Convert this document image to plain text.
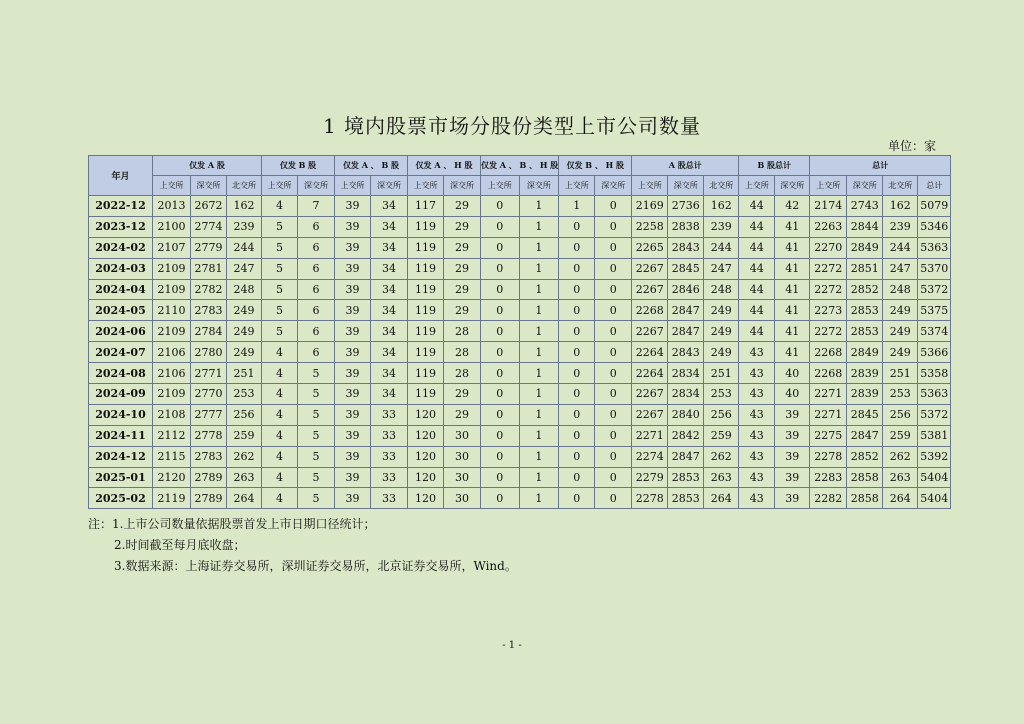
1 境内股票市场分股份类型上市公司数量
单位：家
年月	仅发 A 股			仅发 B 股		仅发 A 、 B 股		仅发 A 、 H 股		仅发 A 、 B 、 H 股		仅发 B 、 H 股		A 股总计			B 股总计		总计			
	上交所	深交所	北交所	上交所	深交所	上交所	深交所	上交所	深交所	上交所	深交所	上交所	深交所	上交所	深交所	北交所	上交所	深交所	上交所	深交所	北交所	总计
2022-12	2013	2672	162	4	7	39	34	117	29	0	1	1	0	2169	2736	162	44	42	2174	2743	162	5079
2023-12	2100	2774	239	5	6	39	34	119	29	0	1	0	0	2258	2838	239	44	41	2263	2844	239	5346
2024-02	2107	2779	244	5	6	39	34	119	29	0	1	0	0	2265	2843	244	44	41	2270	2849	244	5363
2024-03	2109	2781	247	5	6	39	34	119	29	0	1	0	0	2267	2845	247	44	41	2272	2851	247	5370
2024-04	2109	2782	248	5	6	39	34	119	29	0	1	0	0	2267	2846	248	44	41	2272	2852	248	5372
2024-05	2110	2783	249	5	6	39	34	119	29	0	1	0	0	2268	2847	249	44	41	2273	2853	249	5375
2024-06	2109	2784	249	5	6	39	34	119	28	0	1	0	0	2267	2847	249	44	41	2272	2853	249	5374
2024-07	2106	2780	249	4	6	39	34	119	28	0	1	0	0	2264	2843	249	43	41	2268	2849	249	5366
2024-08	2106	2771	251	4	5	39	34	119	28	0	1	0	0	2264	2834	251	43	40	2268	2839	251	5358
2024-09	2109	2770	253	4	5	39	34	119	29	0	1	0	0	2267	2834	253	43	40	2271	2839	253	5363
2024-10	2108	2777	256	4	5	39	33	120	29	0	1	0	0	2267	2840	256	43	39	2271	2845	256	5372
2024-11	2112	2778	259	4	5	39	33	120	30	0	1	0	0	2271	2842	259	43	39	2275	2847	259	5381
2024-12	2115	2783	262	4	5	39	33	120	30	0	1	0	0	2274	2847	262	43	39	2278	2852	262	5392
2025-01	2120	2789	263	4	5	39	33	120	30	0	1	0	0	2279	2853	263	43	39	2283	2858	263	5404
2025-02	2119	2789	264	4	5	39	33	120	30	0	1	0	0	2278	2853	264	43	39	2282	2858	264	5404
注：1.上市公司数量依据股票首发上市日期口径统计；
2.时间截至每月底收盘；
3.数据来源：上海证券交易所，深圳证券交易所，北京证券交易所，Wind。
- 1 -
